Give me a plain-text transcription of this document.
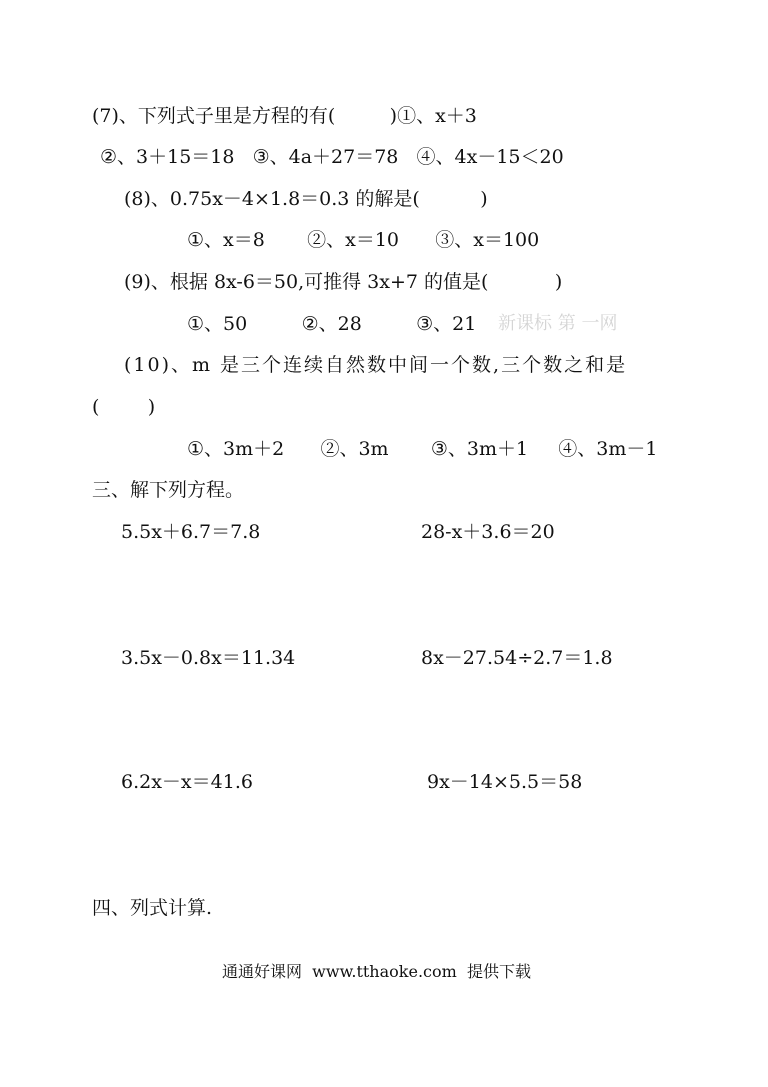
(7)、下列式子里是方程的有(         )①、x＋3
②、3＋15＝18   ③、4a＋27＝78   ④、4x－15＜20
(8)、0.75x－4×1.8＝0.3 的解是(          )
①、x＝8       ②、x＝10      ③、x＝100
(9)、根据 8x-6＝50,可推得 3x+7 的值是(           )
①、50         ②、28         ③、21 新课标 第 一网
(10)、m 是三个连续自然数中间一个数,三个数之和是
(        )
①、3m＋2      ②、3m       ③、3m＋1     ④、3m－1
三、解下列方程。
5.5x＋6.7＝7.8	28-x＋3.6＝20
3.5x－0.8x＝11.34	8x－27.54÷2.7＝1.8
6.2x－x＝41.6	9x－14×5.5＝58
四、列式计算.
通通好课网  www.tthaoke.com  提供下载
